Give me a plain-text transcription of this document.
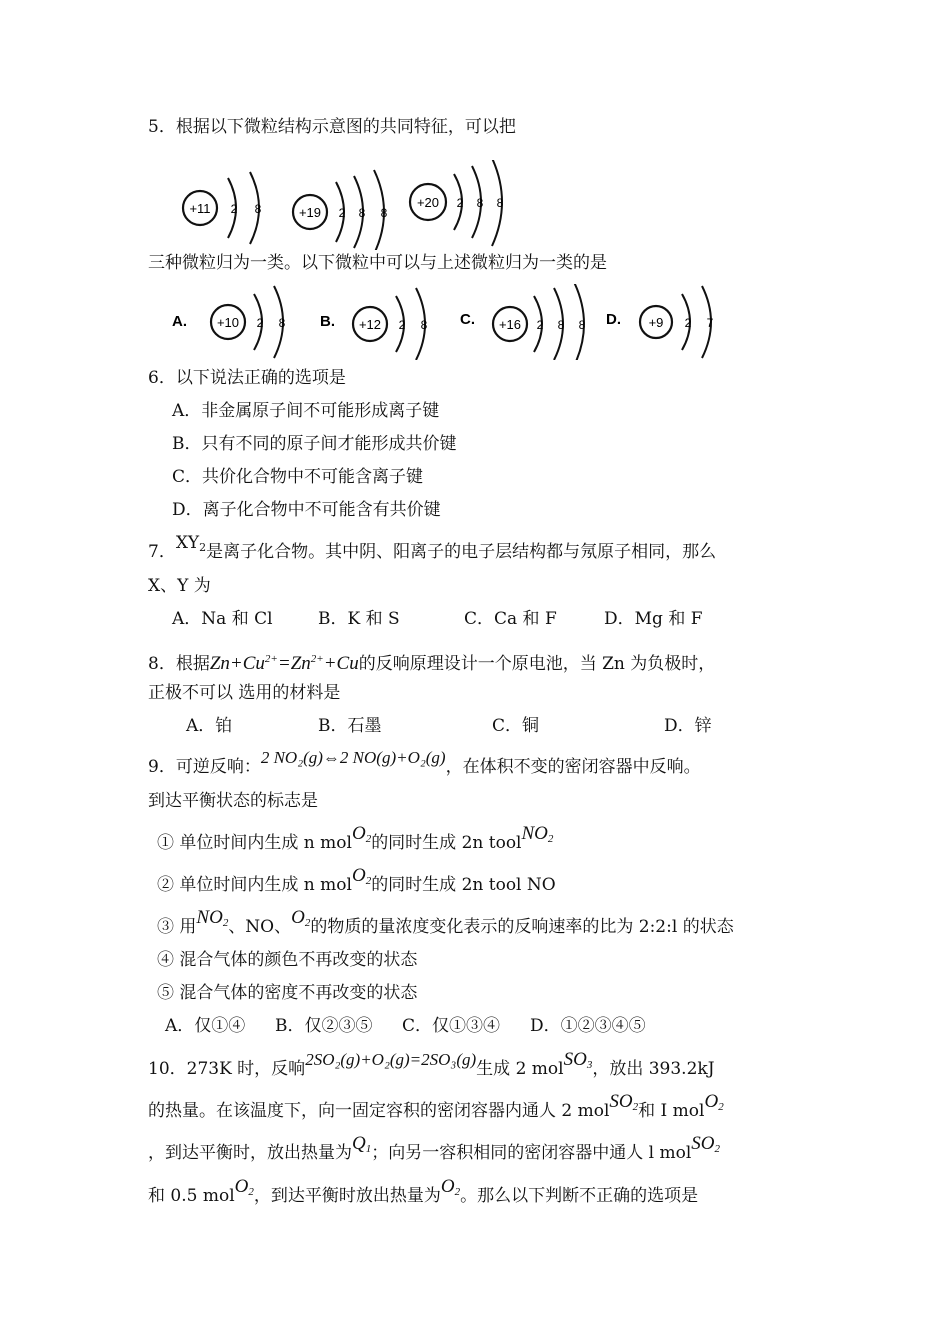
5．根据以下微粒结构示意图的共同特征，可以把
+11 2 8	+19 2 8 8
+20 2 8 8
三种微粒归为一类。以下微粒中可以与上述微粒归为一类的是
A. +10 2 8 B. +12 2 8 C. +16 2 8 8 D. +9 2 7
6．以下说法正确的选项是
A．非金属原子间不可能形成离子键
B．只有不同的原子间才能形成共价键
C．共价化合物中不可能含离子键
D．离子化合物中不可能含有共价键
7．$XY_2$是离子化合物。其中阴、阳离子的电子层结构都与氖原子相同，那么
X、Y 为
A．Na 和 Cl	B．K 和 S	C．Ca 和 F	D．Mg 和 F
8．根据$Zn+Cu^{2+}=Zn^{2+}+Cu$的反响原理设计一个原电池，当 Zn 为负极时，
正极不可以 选用的材料是
A．铂	B．石墨	C．铜	D．锌
9．可逆反响：2 NO₂(g)⇔2 NO(g)+O₂(g)，在体积不变的密闭容器中反响。
到达平衡状态的标志是
① 单位时间内生成 n molO$_2$的同时生成 2n toolNO$_2$
② 单位时间内生成 n molO$_2$的同时生成 2n tool NO
③ 用$NO_2$、NO、$O_2$的物质的量浓度变化表示的反响速率的比为 2:2:l 的状态
④ 混合气体的颜色不再改变的状态
⑤ 混合气体的密度不再改变的状态
A．仅①④ B．仅②③⑤ C．仅①③④ D．①②③④⑤
10．273K 时，反响2SO₂(g)+O₂(g)=2SO₃(g)生成 2 molSO$_3$，放出 393.2kJ
的热量。在该温度下，向一固定容积的密闭容器内通人 2 molSO$_2$和 I molO$_2$
，到达平衡时，放出热量为$Q_1$；向另一容积相同的密闭容器中通人 l molSO$_2$
和 0.5 molO$_2$，到达平衡时放出热量为$O_2$。那么以下判断不正确的选项是
